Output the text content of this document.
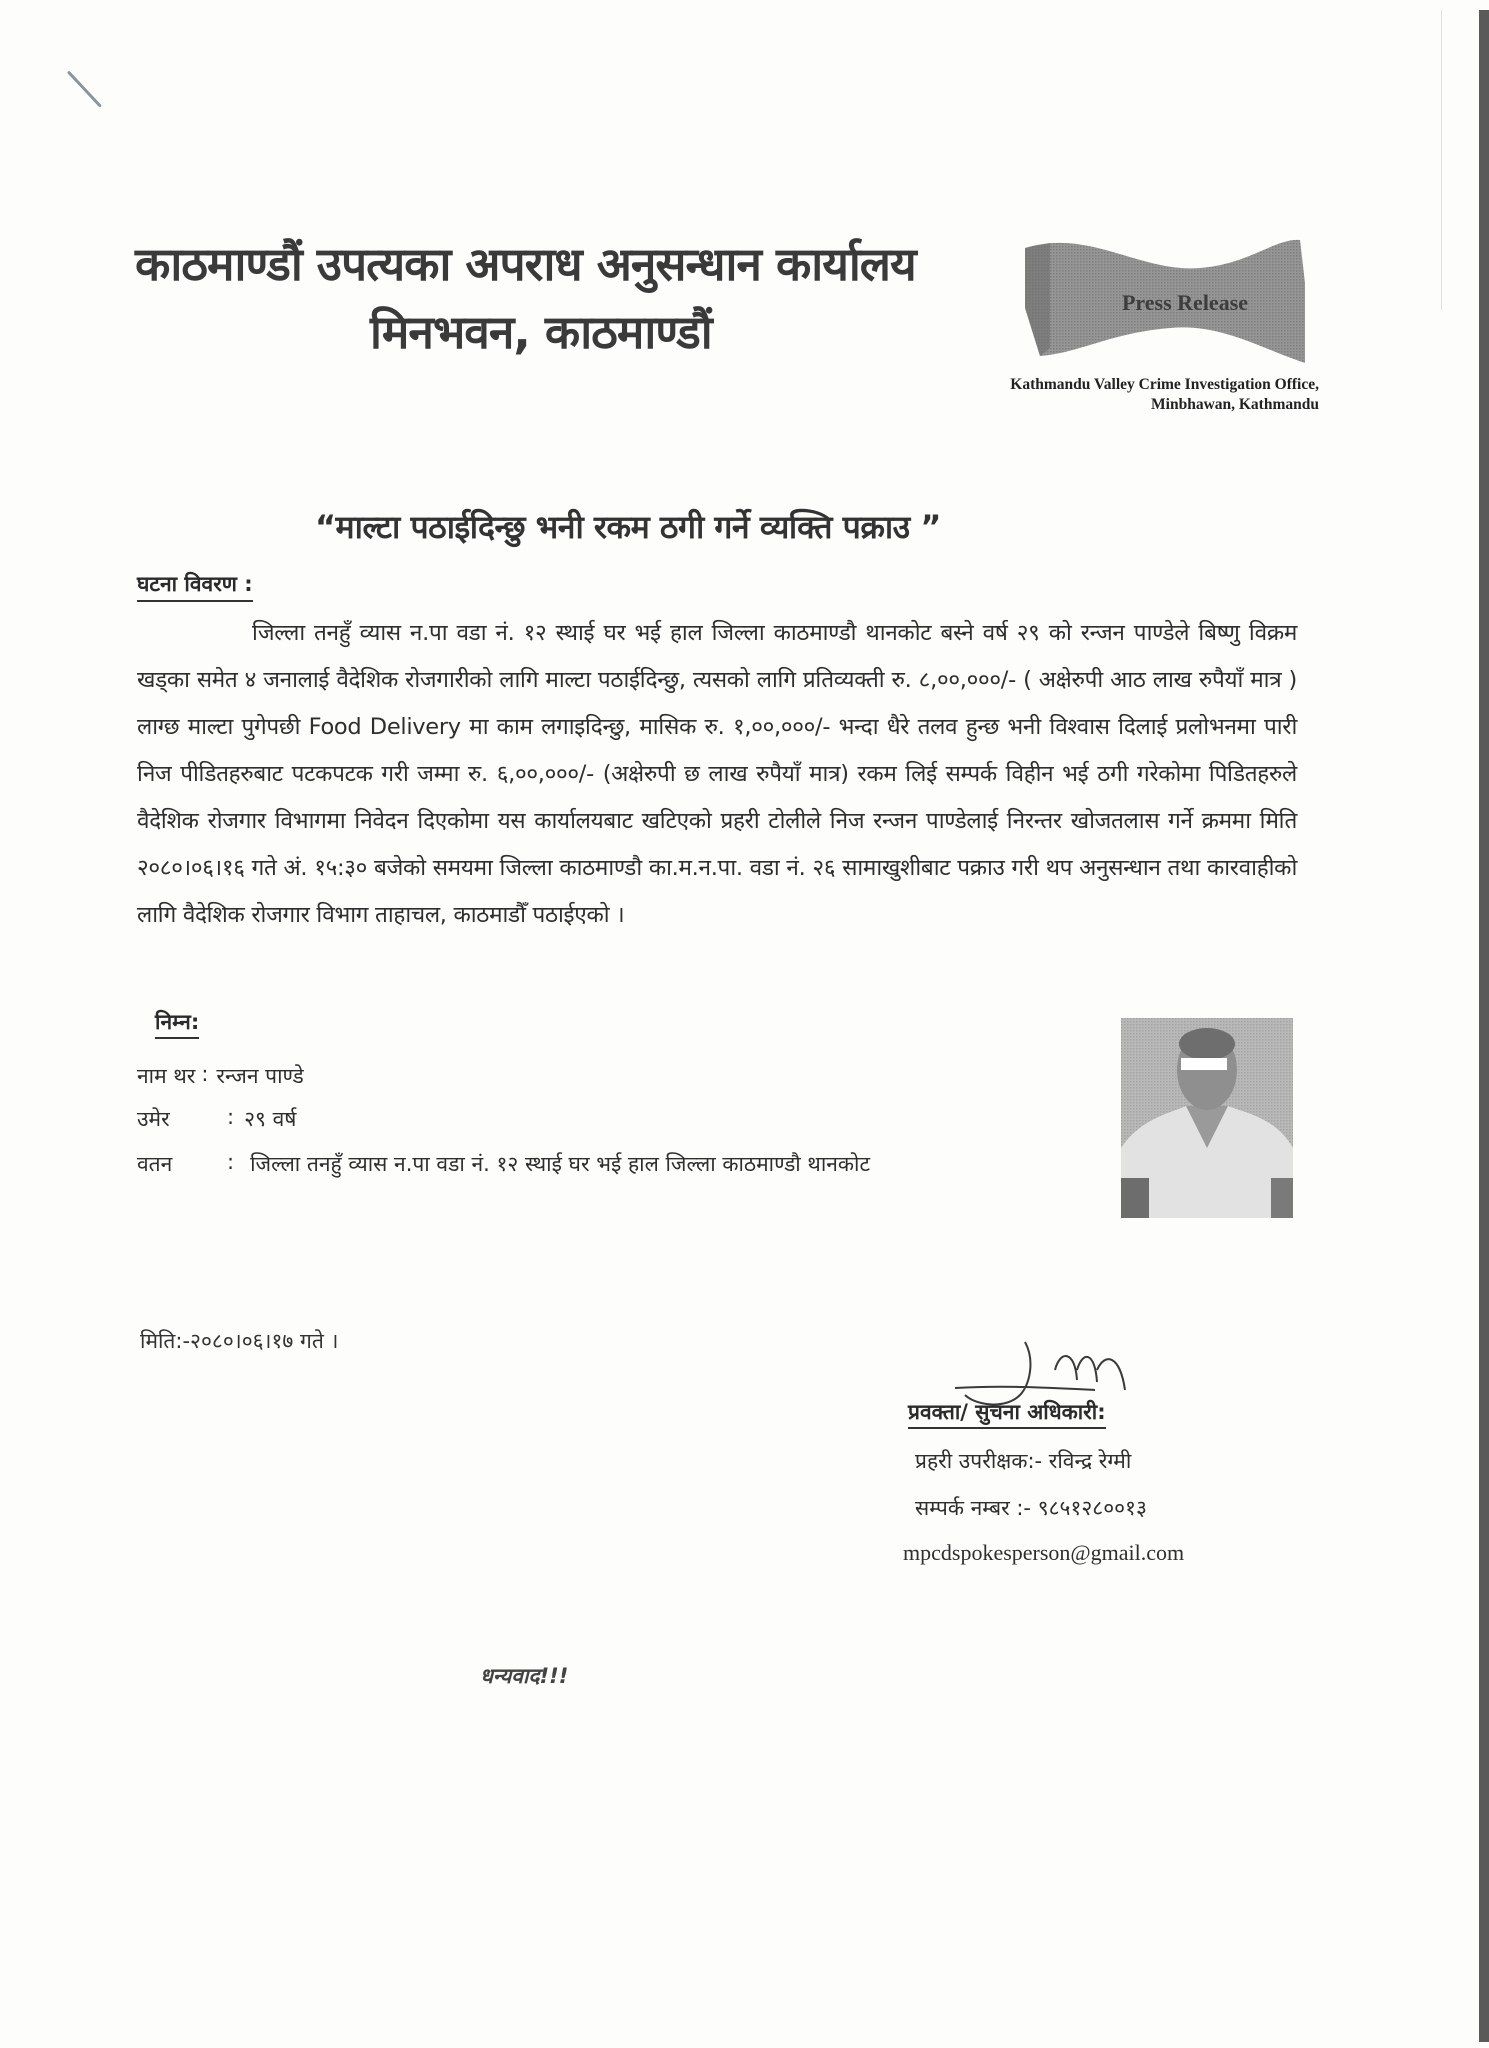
काठमाण्डौं उपत्यका अपराध अनुसन्धान कार्यालय
मिनभवन, काठमाण्डौं
Press Release
Kathmandu Valley Crime Investigation Office,
Minbhawan, Kathmandu
“माल्टा पठाईदिन्छु भनी रकम ठगी गर्ने व्यक्ति पक्राउ ”
घटना विवरण :
जिल्ला तनहुँ व्यास न.पा वडा नं. १२ स्थाई घर भई हाल जिल्ला काठमाण्डौ थानकोट बस्ने वर्ष २९ को रन्जन पाण्डेले बिष्णु विक्रम खड्का समेत ४ जनालाई वैदेशिक रोजगारीको लागि माल्टा पठाईदिन्छु, त्यसको लागि प्रतिव्यक्ती रु. ८,००,०००/- ( अक्षेरुपी आठ लाख रुपैयाँ मात्र ) लाग्छ माल्टा पुगेपछी Food Delivery मा काम लगाइदिन्छु, मासिक रु. १,००,०००/- भन्दा धैरे तलव हुन्छ भनी विश्वास दिलाई प्रलोभनमा पारी निज पीडितहरुबाट पटकपटक गरी जम्मा रु. ६,००,०००/- (अक्षेरुपी छ लाख रुपैयाँ मात्र) रकम लिई सम्पर्क विहीन भई ठगी गरेकोमा पिडितहरुले वैदेशिक रोजगार विभागमा निवेदन दिएकोमा यस कार्यालयबाट खटिएको प्रहरी टोलीले निज रन्जन पाण्डेलाई निरन्तर खोजतलास गर्ने क्रममा मिति २०८०।०६।१६ गते अं. १५:३० बजेको समयमा जिल्ला काठमाण्डौ का.म.न.पा. वडा नं. २६ सामाखुशीबाट पक्राउ गरी थप अनुसन्धान तथा कारवाहीको लागि वैदेशिक रोजगार विभाग ताहाचल, काठमाडौँ पठाईएको ।
निम्न:
नाम थर : रन्जन पाण्डे
उमेर	: २९ वर्ष
वतन	: जिल्ला तनहुँ व्यास न.पा वडा नं. १२ स्थाई घर भई हाल जिल्ला काठमाण्डौ थानकोट
मिति:-२०८०।०६।१७ गते ।
प्रवक्ता/ सुचना अधिकारी:
प्रहरी उपरीक्षक:- रविन्द्र रेग्मी
सम्पर्क नम्बर :- ९८५१२८००१३
mpcdspokesperson@gmail.com
धन्यवाद!!!
